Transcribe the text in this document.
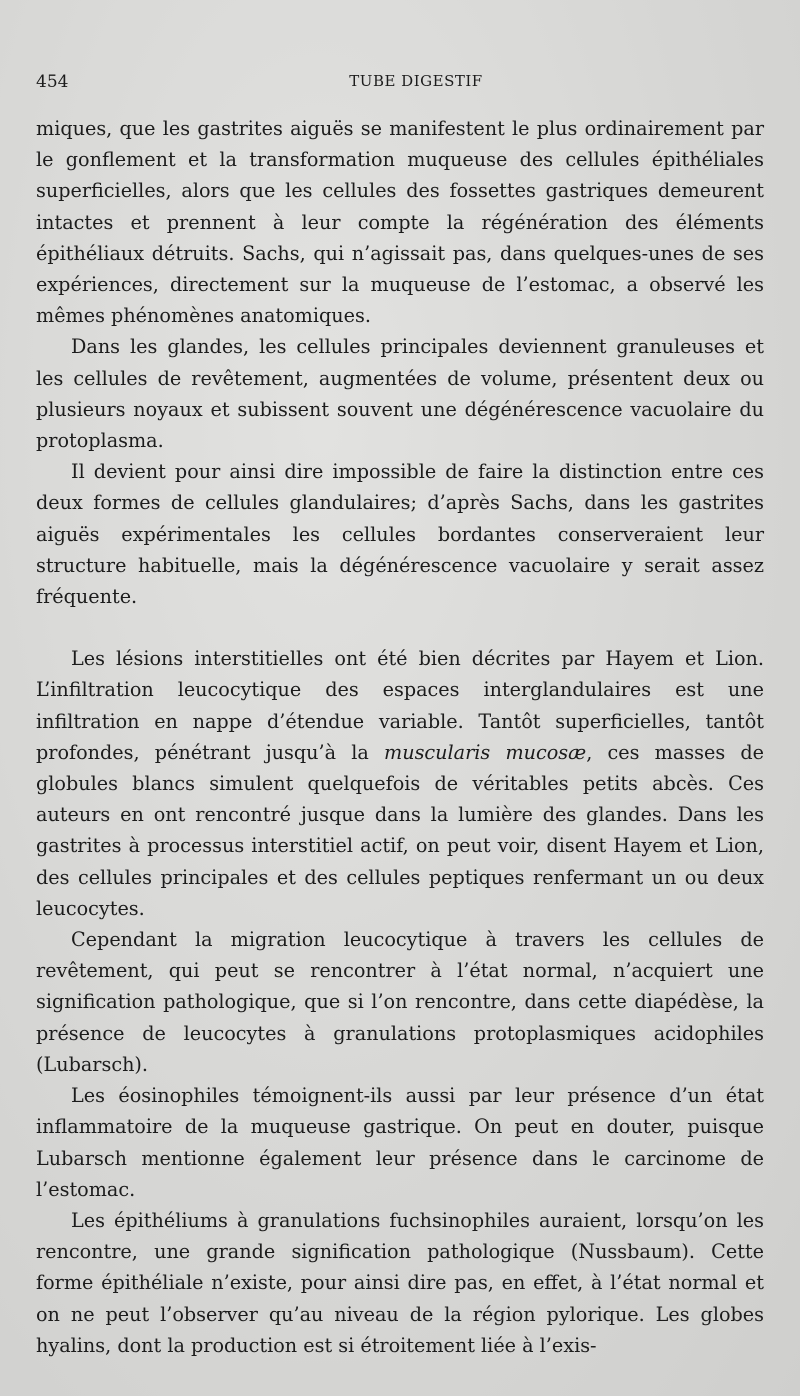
454	TUBE DIGESTIF

miques, que les gastrites aiguës se manifestent le plus ordinairement par le gonflement et la transformation muqueuse des cellules épithéliales superficielles, alors que les cellules des fossettes gastriques demeurent intactes et prennent à leur compte la régénération des éléments épithéliaux détruits. Sachs, qui n’agissait pas, dans quelques-unes de ses expériences, directement sur la muqueuse de l’estomac, a observé les mêmes phénomènes anatomiques.

Dans les glandes, les cellules principales deviennent granuleuses et les cellules de revêtement, augmentées de volume, présentent deux ou plusieurs noyaux et subissent souvent une dégénérescence vacuolaire du protoplasma.

Il devient pour ainsi dire impossible de faire la distinction entre ces deux formes de cellules glandulaires; d’après Sachs, dans les gastrites aiguës expérimentales les cellules bordantes conserveraient leur structure habituelle, mais la dégénérescence vacuolaire y serait assez fréquente.

Les lésions interstitielles ont été bien décrites par Hayem et Lion. L’infiltration leucocytique des espaces interglandulaires est une infiltration en nappe d’étendue variable. Tantôt superficielles, tantôt profondes, pénétrant jusqu’à la muscularis mucosæ, ces masses de globules blancs simulent quelquefois de véritables petits abcès. Ces auteurs en ont rencontré jusque dans la lumière des glandes. Dans les gastrites à processus interstitiel actif, on peut voir, disent Hayem et Lion, des cellules principales et des cellules peptiques renfermant un ou deux leucocytes.

Cependant la migration leucocytique à travers les cellules de revêtement, qui peut se rencontrer à l’état normal, n’acquiert une signification pathologique, que si l’on rencontre, dans cette diapédèse, la présence de leucocytes à granulations protoplasmiques acidophiles (Lubarsch).

Les éosinophiles témoignent-ils aussi par leur présence d’un état inflammatoire de la muqueuse gastrique. On peut en douter, puisque Lubarsch mentionne également leur présence dans le carcinome de l’estomac.

Les épithéliums à granulations fuchsinophiles auraient, lorsqu’on les rencontre, une grande signification pathologique (Nussbaum). Cette forme épithéliale n’existe, pour ainsi dire pas, en effet, à l’état normal et on ne peut l’observer qu’au niveau de la région pylorique. Les globes hyalins, dont la production est si étroitement liée à l’exis-
